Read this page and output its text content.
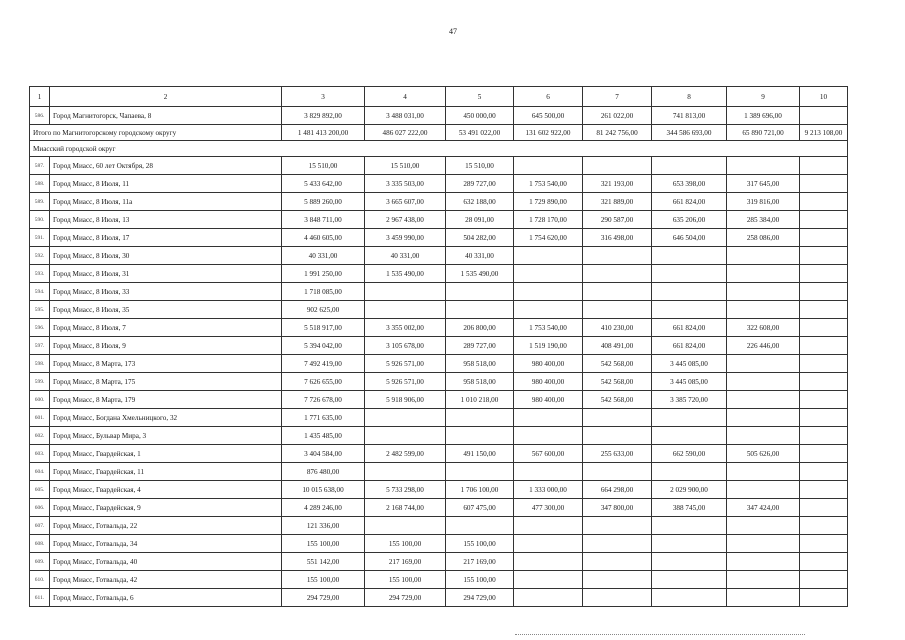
47
1	2	3	4	5	6	7	8	9	10
586.	Город Магнитогорск, Чапаева, 8	3 829 892,00	3 488 031,00	450 000,00	645 500,00	261 022,00	741 813,00	1 389 696,00	
Итого по Магнитогорскому городскому округу		1 481 413 200,00	486 027 222,00	53 491 022,00	131 602 922,00	81 242 756,00	344 586 693,00	65 890 721,00	9 213 108,00
Миасский городской округ									
587.	Город Миасс, 60 лет Октября, 28	15 510,00	15 510,00	15 510,00					
588.	Город Миасс, 8 Июля, 11	5 433 642,00	3 335 503,00	289 727,00	1 753 540,00	321 193,00	653 398,00	317 645,00	
589.	Город Миасс, 8 Июля, 11а	5 889 260,00	3 665 607,00	632 188,00	1 729 890,00	321 889,00	661 824,00	319 816,00	
590.	Город Миасс, 8 Июля, 13	3 848 711,00	2 967 438,00	28 091,00	1 728 170,00	290 587,00	635 206,00	285 384,00	
591.	Город Миасс, 8 Июля, 17	4 460 605,00	3 459 990,00	504 282,00	1 754 620,00	316 498,00	646 504,00	258 086,00	
592.	Город Миасс, 8 Июля, 30	40 331,00	40 331,00	40 331,00					
593.	Город Миасс, 8 Июля, 31	1 991 250,00	1 535 490,00	1 535 490,00					
594.	Город Миасс, 8 Июля, 33	1 718 085,00							
595.	Город Миасс, 8 Июля, 35	902 625,00							
596.	Город Миасс, 8 Июля, 7	5 518 917,00	3 355 002,00	206 800,00	1 753 540,00	410 230,00	661 824,00	322 608,00	
597.	Город Миасс, 8 Июля, 9	5 394 042,00	3 105 678,00	289 727,00	1 519 190,00	408 491,00	661 824,00	226 446,00	
598.	Город Миасс, 8 Марта, 173	7 492 419,00	5 926 571,00	958 518,00	980 400,00	542 568,00	3 445 085,00		
599.	Город Миасс, 8 Марта, 175	7 626 655,00	5 926 571,00	958 518,00	980 400,00	542 568,00	3 445 085,00		
600.	Город Миасс, 8 Марта, 179	7 726 678,00	5 918 906,00	1 010 218,00	980 400,00	542 568,00	3 385 720,00		
601.	Город Миасс, Богдана Хмельницкого, 32	1 771 635,00							
602.	Город Миасс, Бульвар Мира, 3	1 435 485,00							
603.	Город Миасс, Гвардейская, 1	3 404 584,00	2 482 599,00	491 150,00	567 600,00	255 633,00	662 590,00	505 626,00	
604.	Город Миасс, Гвардейская, 11	876 480,00							
605.	Город Миасс, Гвардейская, 4	10 015 638,00	5 733 298,00	1 706 100,00	1 333 000,00	664 298,00	2 029 900,00		
606.	Город Миасс, Гвардейская, 9	4 289 246,00	2 168 744,00	607 475,00	477 300,00	347 800,00	388 745,00	347 424,00	
607.	Город Миасс, Готвальда, 22	121 336,00							
608.	Город Миасс, Готвальда, 34	155 100,00	155 100,00	155 100,00					
609.	Город Миасс, Готвальда, 40	551 142,00	217 169,00	217 169,00					
610.	Город Миасс, Готвальда, 42	155 100,00	155 100,00	155 100,00					
611.	Город Миасс, Готвальда, 6	294 729,00	294 729,00	294 729,00					
